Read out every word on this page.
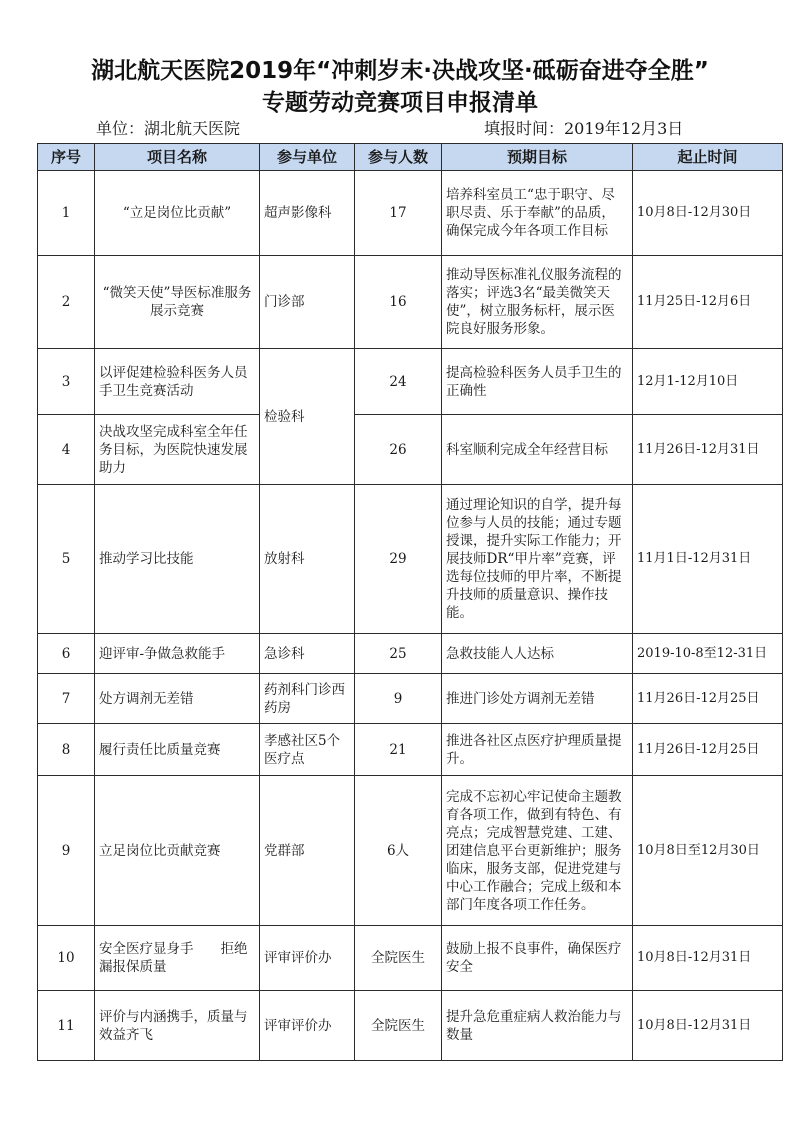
湖北航天医院2019年“冲刺岁末·决战攻坚·砥砺奋进夺全胜”
专题劳动竞赛项目申报清单
单位：湖北航天医院	填报时间：2019年12月3日
序号	项目名称	参与单位	参与人数	预期目标	起止时间
1	“立足岗位比贡献”	超声影像科	17	培养科室员工“忠于职守、尽职尽责、乐于奉献”的品质，确保完成今年各项工作目标	10月8日-12月30日
2	“微笑天使”导医标准服务展示竞赛	门诊部	16	推动导医标准礼仪服务流程的落实；评选3名“最美微笑天使”，树立服务标杆，展示医院良好服务形象。	11月25日-12月6日
3	以评促建检验科医务人员手卫生竞赛活动	检验科	24	提高检验科医务人员手卫生的正确性	12月1-12月10日
4	决战攻坚完成科室全年任务目标，为医院快速发展助力		26	科室顺利完成全年经营目标	11月26日-12月31日
5	推动学习比技能	放射科	29	通过理论知识的自学，提升每位参与人员的技能；通过专题授课，提升实际工作能力；开展技师DR“甲片率”竞赛，评选每位技师的甲片率，不断提升技师的质量意识、操作技能。	11月1日-12月31日
6	迎评审-争做急救能手	急诊科	25	急救技能人人达标	2019-10-8至12-31日
7	处方调剂无差错	药剂科门诊西药房	9	推进门诊处方调剂无差错	11月26日-12月25日
8	履行责任比质量竞赛	孝感社区5个医疗点	21	推进各社区点医疗护理质量提升。	11月26日-12月25日
9	立足岗位比贡献竞赛	党群部	6人	完成不忘初心牢记使命主题教育各项工作，做到有特色、有亮点；完成智慧党建、工建、团建信息平台更新维护；服务临床，服务支部，促进党建与中心工作融合；完成上级和本部门年度各项工作任务。	10月8日至12月30日
10	安全医疗显身手　　拒绝漏报保质量	评审评价办	全院医生	鼓励上报不良事件，确保医疗安全	10月8日-12月31日
11	评价与内涵携手，质量与效益齐飞	评审评价办	全院医生	提升急危重症病人救治能力与数量	10月8日-12月31日
